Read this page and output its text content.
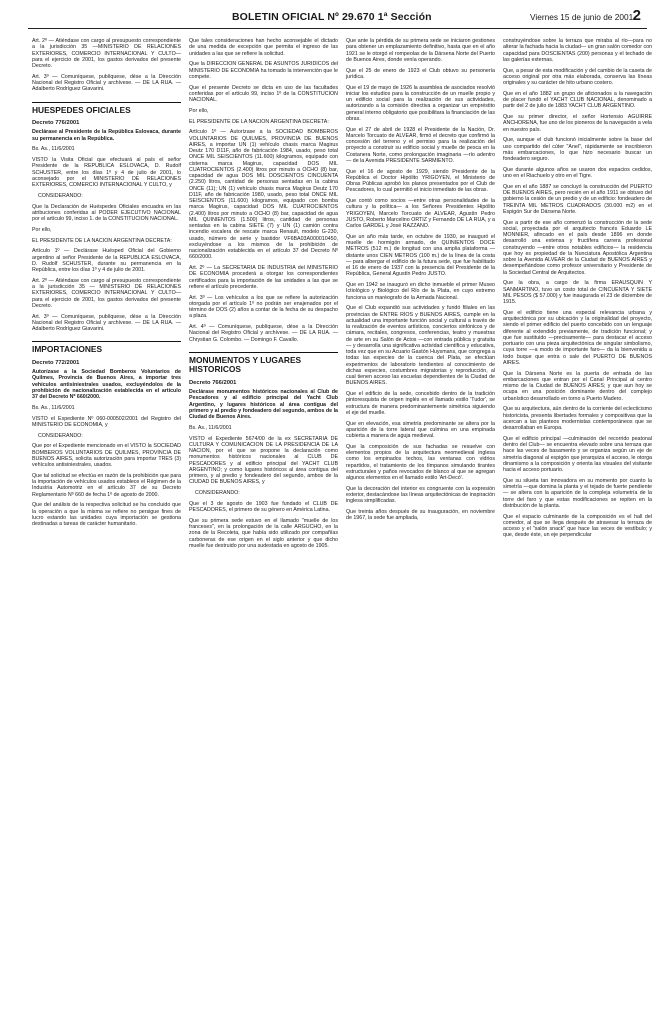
BOLETIN OFICIAL Nº 29.670 1ª Sección	Viernes 15 de junio de 2001 2

Art. 2º — Atiéndase con cargo al presupuesto correspondiente a la jurisdicción 35 —MINISTERIO DE RELACIONES EXTERIORES, COMERCIO INTERNACIONAL Y CULTO— para el ejercicio de 2001, los gastos derivados del presente Decreto.

Art. 3º — Comuníquese, publíquese, dése a la Dirección Nacional del Registro Oficial y archívese. — DE LA RUA. — Adalberto Rodríguez Giavarini.

HUESPEDES OFICIALES
Decreto 776/2001

Declárase al Presidente de la República Eslovaca, durante su permanencia en la República.

Bs. As., 11/6/2001

VISTO la Visita Oficial que efectuará al país el señor Presidente de la REPUBLICA ESLOVACA, D. Rudolf SCHUSTER, entre los días 1º y 4 de julio de 2001, lo aconsejado por el MINISTERIO DE RELACIONES EXTERIORES, COMERCIO INTERNACIONAL Y CULTO, y

CONSIDERANDO:

Que la Declaración de Huéspedes Oficiales encuadra en las atribuciones conferidas al PODER EJECUTIVO NACIONAL por el artículo 99, inciso 1. de la CONSTITUCION NACIONAL.

Por ello,

EL PRESIDENTE DE LA NACION ARGENTINA DECRETA:

Artículo 1º — Declárase Huésped Oficial del Gobierno argentino al señor Presidente de la REPUBLICA ESLOVACA, D. Rudolf SCHUSTER, durante su permanencia en la República, entre los días 1º y 4 de julio de 2001.

Art. 2º — Atiéndase con cargo al presupuesto correspondiente a la jurisdicción 35 — MINISTERIO DE RELACIONES EXTERIORES, COMERCIO INTERNACIONAL Y CULTO— para el ejercicio de 2001, los gastos derivados del presente Decreto.

Art. 3º — Comuníquese, publíquese, dése a la Dirección Nacional del Registro Oficial y archívese. — DE LA RUA. — Adalberto Rodríguez Giavarini.

IMPORTACIONES
Decreto 772/2001

Autorízase a la Sociedad Bomberos Voluntarios de Quilmes, Provincia de Buenos Aires, a importar tres vehículos antisiniestrales usados, excluyéndolos de la prohibición de nacionalización establecida en el artículo 37 del Decreto Nº 660/2000.

Bs. As., 11/6/2001

VISTO el Expediente Nº 060-000502/2001 del Registro del MINISTERIO DE ECONOMIA, y

CONSIDERANDO:

Que por el Expediente mencionado en el VISTO la SOCIEDAD BOMBEROS VOLUNTARIOS DE QUILMES, PROVINCIA DE BUENOS AIRES, solicita autorización para importar TRES (3) vehículos antisiniestrales, usados.

Que tal solicitud se efectúa en razón de la prohibición que para la importación de vehículos usados establece el Régimen de la Industria Automotriz en el artículo 37 de su Decreto Reglamentario Nº 660 de fecha 1º de agosto de 2000.

Que del análisis de la respectiva solicitud se ha concluido que la operación a que la misma se refiere no persigue fines de lucro estando las unidades cuya importación se gestiona destinadas a tareas de carácter humanitario.

Que tales consideraciones han hecho aconsejable el dictado de una medida de excepción que permita el ingreso de las unidades a las que se refiere la solicitud.

Que la DIRECCION GENERAL DE ASUNTOS JURIDICOS del MINISTERIO DE ECONOMIA ha tomado la intervención que le compete.

Que el presente Decreto se dicta en uso de las facultades conferidas por el artículo 99, inciso 1º de la CONSTITUCION NACIONAL.

Por ello,

EL PRESIDENTE DE LA NACION ARGENTINA DECRETA:

Artículo 1º — Autorízase a la SOCIEDAD BOMBEROS VOLUNTARIOS DE QUILMES, PROVINCIA DE BUENOS AIRES, a importar UN (1) vehículo chasis marca Magirus Deutz 170 D11F, año de fabricación 1984, usado, peso total ONCE MIL SEISCIENTOS (11.600) kilogramos, equipado con cisterna marca Magirus, capacidad DOS MIL CUATROCIENTOS (2.400) litros por minuto a OCHO (8) bar, capacidad de agua DOS MIL DOSCIENTOS CINCUENTA (2.250) litros, cantidad de personas sentadas en la cabina ONCE (11); UN (1) vehículo chasis marca Magirus Deutz 170 D11F, año de fabricación 1980, usado, peso total ONCE MIL SEISCIENTOS (11.600) kilogramos, equipado con bomba marca Magirus, capacidad DOS MIL CUATROCIENTOS (2.400) litros por minuto a OCHO (8) bar, capacidad de agua MIL QUINIENTOS (1.500) litros, cantidad de personas sentadas en la cabina SIETE (7) y UN (1) camión contra incendio escalera de rescate marca Renault, modelo G-230, usado, número de serie y bastidor VF6BA03A000010450, excluyéndose a los mismos de la prohibición de nacionalización establecida en el artículo 37 del Decreto Nº 660/2000.

Art. 2º — La SECRETARIA DE INDUSTRIA del MINISTERIO DE ECONOMIA procederá a otorgar los correspondientes certificados para la importación de las unidades a las que se refiere el artículo precedente.

Art. 3º — Los vehículos a los que se refiere la autorización otorgada por el artículo 1º no podrán ser enajenados por el término de DOS (2) años a contar de la fecha de su despacho a plaza.

Art. 4º — Comuníquese, publíquese, dése a la Dirección Nacional del Registro Oficial y archívese. — DE LA RUA. — Chrystian G. Colombo. — Domingo F. Cavallo.

MONUMENTOS Y LUGARES HISTORICOS
Decreto 766/2001

Declárase monumentos históricos nacionales al Club de Pescadores y al edificio principal del Yacht Club Argentino, y lugares históricos al área contigua del primero y al predio y fondeadero del segundo, ambos de la Ciudad de Buenos Aires.

Bs. As., 11/6/2001

VISTO el Expediente 5674/00 de la ex SECRETARIA DE CULTURA Y COMUNICACION DE LA PRESIDENCIA DE LA NACION, por el que se propone la declaración como monumentos históricos nacionales al CLUB DE PESCADORES y al edificio principal del YACHT CLUB ARGENTINO; y como lugares históricos al área contigua del primero, y al predio y fondeadero del segundo, ambos de la CIUDAD DE BUENOS AIRES, y

CONSIDERANDO:

Que el 3 de agosto de 1903 fue fundado el CLUB DE PESCADORES, el primero de su género en América Latina.

Que su primera sede estuvo en el llamado "muelle de los franceses", en la prolongación de la calle ARGUCHO, en la zona de la Recoleta, que había sido utilizado por compañías carboneras de ese origen en el siglo anterior y que dicho muelle fue destruido por una sudestada en agosto de 1905.

Que ante la pérdida de su primera sede se iniciaron gestiones para obtener un emplazamiento definitivo, hasta que en el año 1921 se le otorgó el rompeolas de la Dársena Norte del Puerto de Buenos Aires, donde venía operando.

Que el 25 de enero de 1923 el Club obtuvo su personería jurídica.

Que el 19 de mayo de 1926 la asamblea de asociados resolvió iniciar los estudios para la construcción de un muelle propio y un edificio social para la realización de sus actividades, autorizando a la comisión directiva a organizar un empréstito general interno obligatorio que posibilitara la financiación de las obras.

Que el 27 de abril de 1928 el Presidente de la Nación, Dr. Marcelo Torcuato de ALVEAR, firmó el decreto que confirmó la concesión del terreno y el permiso para la realización del proyecto a construir su edificio social y muelle de pesca en la Costanera Norte, como prolongación imaginaria —río adentro— de la Avenida PRESIDENTE SARMIENTO.

Que el 16 de agosto de 1929, siendo Presidente de la República el Doctor Hipólito YRIGOYEN, el Ministerio de Obras Públicas aprobó los planos presentados por el Club de Pescadores, lo cual permitió el inicio inmediato de las obras.

Que contó como socios —entre otras personalidades de la cultura y la política— a los Señores Presidentes Hipólito YRIGOYEN, Marcelo Torcuato de ALVEAR, Agustín Pedro JUSTO, Roberto Marcelino ORTIZ y Fernando DE LA RUA, y a Carlos GARDEL y José RAZZANO.

Que un año más tarde, en octubre de 1930, se inauguró el muelle de hormigón armado, de QUINIENTOS DOCE METROS (512 m.) de longitud con una amplia plataforma —distante unos CIEN METROS (100 m.) de la línea de la costa— para albergar el edificio de la futura sede, que fue habilitado el 16 de enero de 1937 con la presencia del Presidente de la República, General Agustín Pedro JUSTO.

Que en 1942 se inauguró en dicho inmueble el primer Museo Ictiológico y Biológico del Río de la Plata, en cuyo extremo funciona un maréografo de la Armada Nacional.

Que el Club expandió sus actividades y fundó filiales en las provincias de ENTRE RIOS y BUENOS AIRES, cumple en la actualidad una importante función social y cultural a través de la realización de eventos artísticos, conciertos sinfónicos y de cámara, recitales, congresos, conferencias, teatro y muestras de arte en su Salón de Actos —con entrada pública y gratuita— y desarrolla una significativa actividad científica y educativa, toda vez que en su Acuario Gastón Huysmans, que congrega a todas las especies de la cuenca del Plata, se efectúan experimentos de laboratorio tendientes al conocimiento de dichas especies, costumbres migratorias y reproducción, al cual tienen acceso las escuelas dependientes de la Ciudad de BUENOS AIRES.

Que el edificio de la sede, concebido dentro de la tradición pintoresquista de origen inglés en el llamado estilo 'Tudor', se estructura de manera predominantemente simétrica siguiendo el eje del muelle.

Que en elevación, esa simetría predominante se altera por la aparición de la torre lateral que culmina en una empinada cubierta a manera de aguja medieval.

Que la composición de sus fachadas se resuelve con elementos propios de la arquitectura neomedieval inglesa como los empinados techos, las ventanas con vidrios repartidos, el tratamiento de los tímpanos simulando tirantes estructurales y paños revocados de blanco al que se agregan algunos elementos en el llamado estilo 'Art-Decó'.

Que la decoración del interior es congruente con la expresión exterior, destacándose las líneas arquitectónicas de inspiración inglesa simplificadas.

Que treinta años después de su inauguración, en noviembre de 1967, la sede fue ampliada,

construyéndose sobre la terraza que miraba al río—para no alterar la fachada hacia la ciudad— un gran salón comedor con capacidad para DOSCIENTAS (200) personas y el techado de las galerías externas.

Que, a pesar de esta modificación y del cambio de la caseta de acceso original por otra más elaborada, conserva las líneas originales y su carácter de hito urbano costero.

Que en el año 1882 un grupo de aficionados a la navegación de placer fundó el YACHT CLUB NACIONAL, denominado a partir del 2 de julio de 1883 YACHT CLUB ARGENTINO.

Que su primer director, el señor Hortensio AGUIRRE ANCHORENA, fue uno de los pioneros de la navegación a vela en nuestro país.

Que, aunque el club funcionó inicialmente sobre la base del uso compartido del cúter "Anel", rápidamente se inscribieron más embarcaciones, lo que hizo necesario buscar un fondeadero seguro.

Que durante algunos años se usaron dos espacios cedidos, uno en el Riachuelo y otro en el Tigre.

Que en el año 1887 se concluyó la construcción del PUERTO DE BUENOS AIRES, pero recién en el año 1911 se obtuvo del gobierno la cesión de un predio y de un edificio: fondeadero de TREINTA MIL METROS CUADRADOS (30.000 m2) en el Espigón Sur de Dársena Norte.

Que a partir de ese año comenzó la construcción de la sede social, proyectada por el arquitecto francés Eduardo LE MONNIER, afincado en el país desde 1896 en donde desarrolló una extensa y fructífera carrera profesional construyendo —entre otros notables edificios— la residencia que hoy es propiedad de la Nunciatura Apostólica Argentina sobre la Avenida ALVEAR de la Ciudad de BUENOS AIRES y desempeñándose como profesor universitario y Presidente de la Sociedad Central de Arquitectos.

Que la obra, a cargo de la firma ERAUSQUIN Y SANMARTINO, tuvo un costo total de CINCUENTA Y SIETE MIL PESOS ($ 57.000) y fue inaugurada el 23 de diciembre de 1915.

Que el edificio tiene una especial relevancia urbana y arquitectónica por su ubicación y la originalidad del proyecto, siendo el primer edificio del puerto concebido con un lenguaje diferente al extendido previamente, de tradición funcional; y que fue sustituido —precisamente— para destacar el acceso portuario con una pieza arquitectónica de singular simbolismo, cuya torre —a modo de importante faro— da la bienvenida a todo buque que entra o sale del PUERTO DE BUENOS AIRES.

Que la Dársena Norte es la puerta de entrada de las embarcaciones que entran por el Canal Principal al centro mismo de la Ciudad de BUENOS AIRES; y que aun hoy se ocupa en una posición dominante dentro del complejo urbanístico desarrollado en torno a Puerto Madero.

Que su arquitectura, aún dentro de la corriente del eclecticismo historicista, presenta libertades formales y compositivas que la acercan a las planteos modernistas contemporáneos que se desarrollaban en Europa.

Que el edificio principal —culminación del recorrido peatonal dentro del Club— se encuentra elevado sobre una terraza que hace las veces de basamento y se organiza según un eje de simetría diagonal al espigón que jerarquiza el acceso, le otorga dinamismo a la composición y orienta las visuales del visitante hacia el acceso portuario.

Que su silueta tan innovadora en su momento por cuanto la simetría —que domina la planta y el tejado de fuerte pendiente— se altera con la aparición de la compleja volumetría de la torre del faro y que estas modificaciones se repiten en la distribución de la planta.

Que el espacio culminante de la composición es el hall del comedor, al que se llega después de atravesar la terraza de acceso y el "salón snack" que hace las veces de vestíbulo; y que, desde éste, un eje perpendicular
